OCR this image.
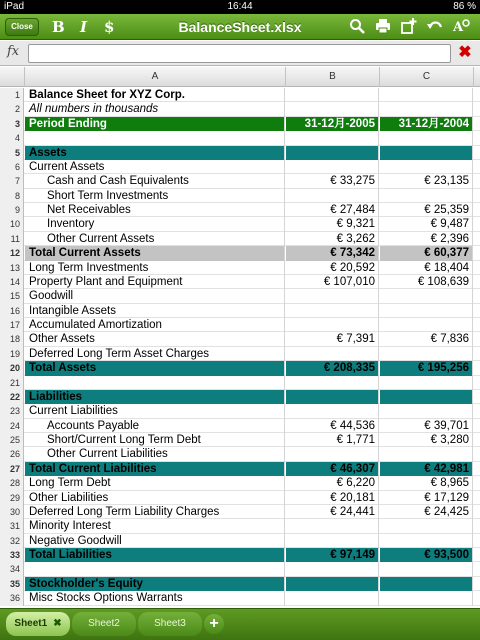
iPad	16:44	86 %
Close	B I $	BalanceSheet.xlsx	A
fx	✖
A	B	C
1 Balance Sheet for XYZ Corp.
2 All numbers in thousands
3 Period Ending	31-12月-2005	31-12月-2004
4
5 Assets
6 Current Assets
7	Cash and Cash Equivalents	€ 33,275	€ 23,135
8	Short Term Investments
9	Net Receivables	€ 27,484	€ 25,359
10	Inventory	€ 9,321	€ 9,487
11	Other Current Assets	€ 3,262	€ 2,396
12 Total Current Assets	€ 73,342	€ 60,377
13 Long Term Investments	€ 20,592	€ 18,404
14 Property Plant and Equipment	€ 107,010	€ 108,639
15 Goodwill
16 Intangible Assets
17 Accumulated Amortization
18 Other Assets	€ 7,391	€ 7,836
19 Deferred Long Term Asset Charges
20 Total Assets	€ 208,335	€ 195,256
21
22 Liabilities
23 Current Liabilities
24	Accounts Payable	€ 44,536	€ 39,701
25	Short/Current Long Term Debt	€ 1,771	€ 3,280
26	Other Current Liabilities
27 Total Current Liabilities	€ 46,307	€ 42,981
28 Long Term Debt	€ 6,220	€ 8,965
29 Other Liabilities	€ 20,181	€ 17,129
30 Deferred Long Term Liability Charges	€ 24,441	€ 24,425
31 Minority Interest
32 Negative Goodwill
33 Total Liabilities	€ 97,149	€ 93,500
34
35 Stockholder's Equity
36 Misc Stocks Options Warrants
Sheet1 ✖	Sheet2	Sheet3	+
